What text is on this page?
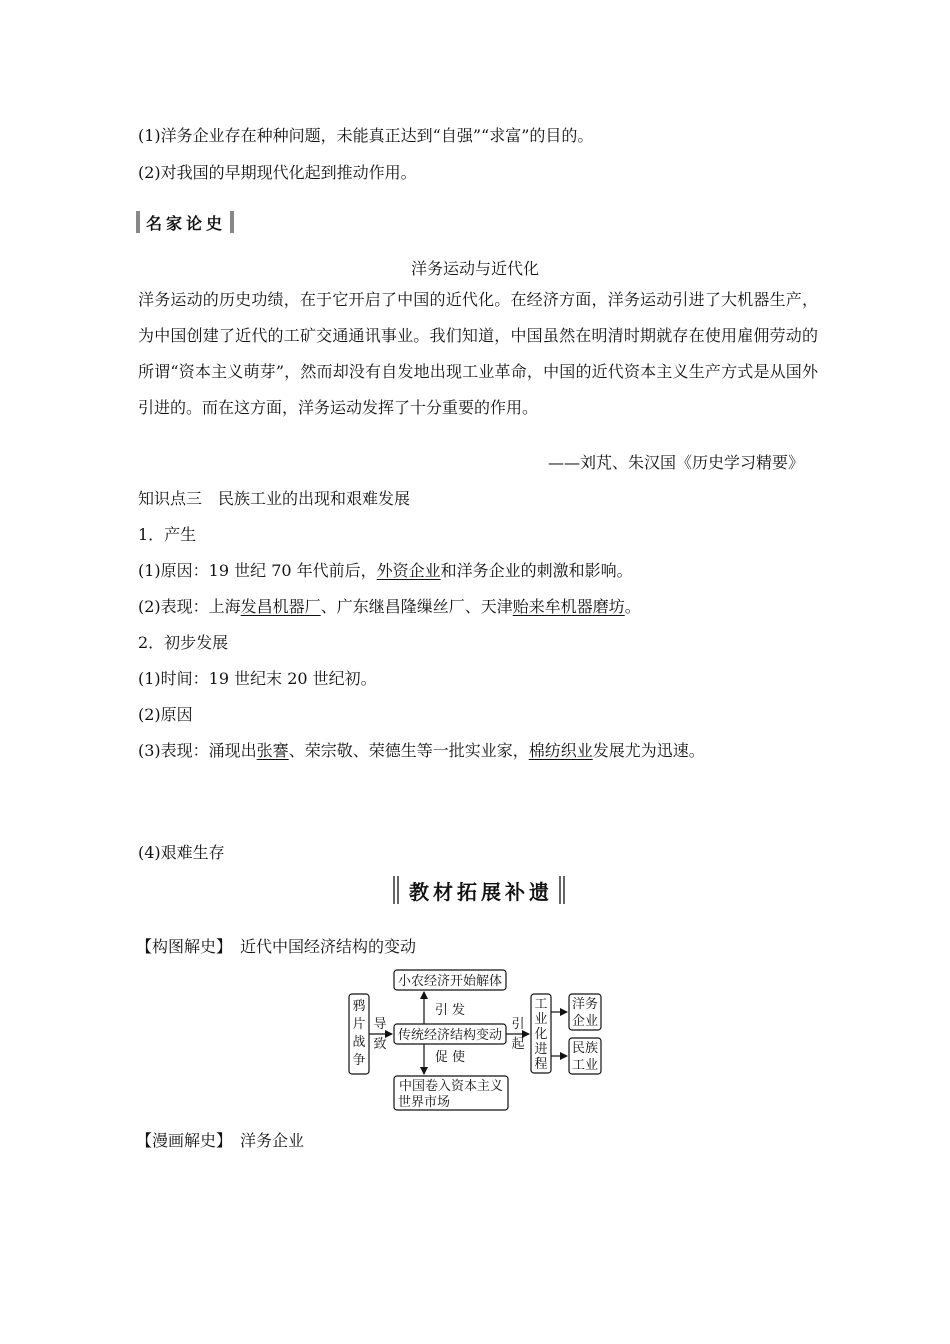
(1)洋务企业存在种种问题，未能真正达到“自强”“求富”的目的。
(2)对我国的早期现代化起到推动作用。
名家论史
洋务运动与近代化
洋务运动的历史功绩，在于它开启了中国的近代化。在经济方面，洋务运动引进了大机器生产，为中国创建了近代的工矿交通通讯事业。我们知道，中国虽然在明清时期就存在使用雇佣劳动的所谓“资本主义萌芽”，然而却没有自发地出现工业革命，中国的近代资本主义生产方式是从国外引进的。而在这方面，洋务运动发挥了十分重要的作用。
——刘芃、朱汉国《历史学习精要》
知识点三　民族工业的出现和艰难发展
1．产生
(1)原因：19 世纪 70 年代前后，外资企业和洋务企业的刺激和影响。
(2)表现：上海发昌机器厂、广东继昌隆缫丝厂、天津贻来牟机器磨坊。
2．初步发展
(1)时间：19 世纪末 20 世纪初。
(2)原因
(3)表现：涌现出张謇、荣宗敬、荣德生等一批实业家，棉纺织业发展尤为迅速。
(4)艰难生存
教材拓展补遗
【构图解史】 近代中国经济结构的变动
鸦
片
战
争
导
致
小农经济开始解体
引 发
传统经济结构变动
促 使
中国卷入资本主义
引
起
工
业
化
进
程
洋务
企业
民族
工业
世界市场
【漫画解史】 洋务企业
